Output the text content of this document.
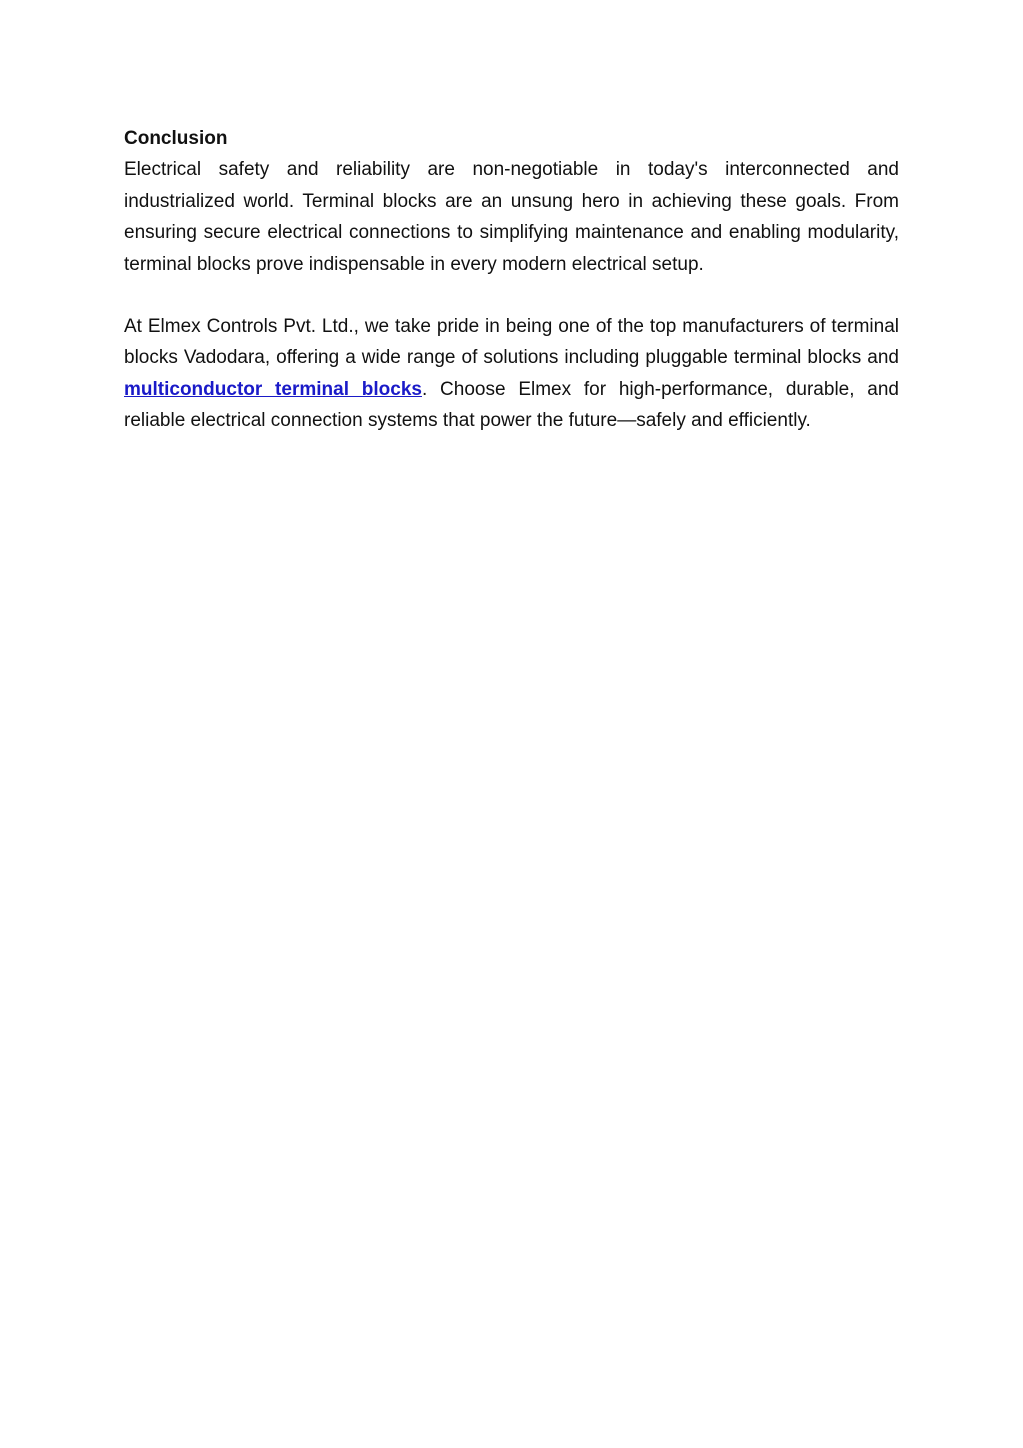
Conclusion

Electrical safety and reliability are non-negotiable in today's interconnected and industrialized world. Terminal blocks are an unsung hero in achieving these goals. From ensuring secure electrical connections to simplifying maintenance and enabling modularity, terminal blocks prove indispensable in every modern electrical setup.

At Elmex Controls Pvt. Ltd., we take pride in being one of the top manufacturers of terminal blocks Vadodara, offering a wide range of solutions including pluggable terminal blocks and multiconductor terminal blocks. Choose Elmex for high-performance, durable, and reliable electrical connection systems that power the future—safely and efficiently.
